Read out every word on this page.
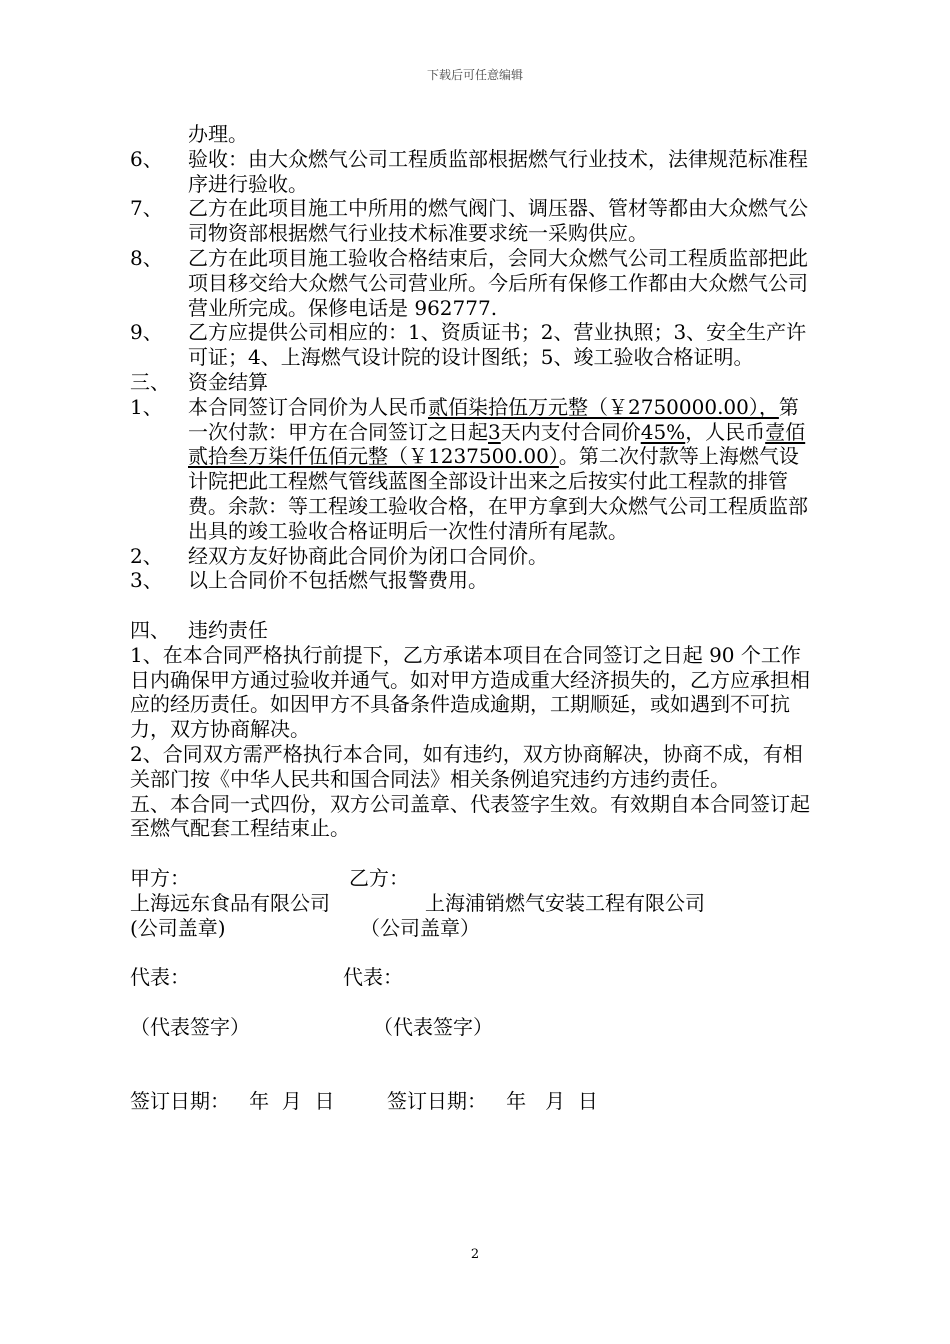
下载后可任意编辑
办理。
6、 验收：由大众燃气公司工程质监部根据燃气行业技术，法律规范标准程序进行验收。
7、 乙方在此项目施工中所用的燃气阀门、调压器、管材等都由大众燃气公司物资部根据燃气行业技术标准要求统一采购供应。
8、 乙方在此项目施工验收合格结束后，会同大众燃气公司工程质监部把此项目移交给大众燃气公司营业所。今后所有保修工作都由大众燃气公司营业所完成。保修电话是 962777.
9、 乙方应提供公司相应的：1、资质证书；2、营业执照；3、安全生产许可证；4、上海燃气设计院的设计图纸；5、竣工验收合格证明。
三、 资金结算
1、 本合同签订合同价为人民币贰佰柒拾伍万元整（￥2750000.00），第一次付款：甲方在合同签订之日起3天内支付合同价45%，人民币壹佰贰拾叁万柒仟伍佰元整（￥1237500.00）。第二次付款等上海燃气设计院把此工程燃气管线蓝图全部设计出来之后按实付此工程款的排管费。余款：等工程竣工验收合格，在甲方拿到大众燃气公司工程质监部出具的竣工验收合格证明后一次性付清所有尾款。
2、 经双方友好协商此合同价为闭口合同价。
3、 以上合同价不包括燃气报警费用。
四、 违约责任
1、在本合同严格执行前提下，乙方承诺本项目在合同签订之日起 90 个工作日内确保甲方通过验收并通气。如对甲方造成重大经济损失的，乙方应承担相应的经历责任。如因甲方不具备条件造成逾期，工期顺延，或如遇到不可抗力，双方协商解决。
2、合同双方需严格执行本合同，如有违约，双方协商解决，协商不成，有相关部门按《中华人民共和国合同法》相关条例追究违约方违约责任。
五、本合同一式四份，双方公司盖章、代表签字生效。有效期自本合同签订起至燃气配套工程结束止。
甲方：	乙方：
上海远东食品有限公司	上海浦销燃气安装工程有限公司
(公司盖章)	（公司盖章）
代表：	代表：
（代表签字）	（代表签字）
签订日期：   年  月  日	签订日期：   年   月  日
2
